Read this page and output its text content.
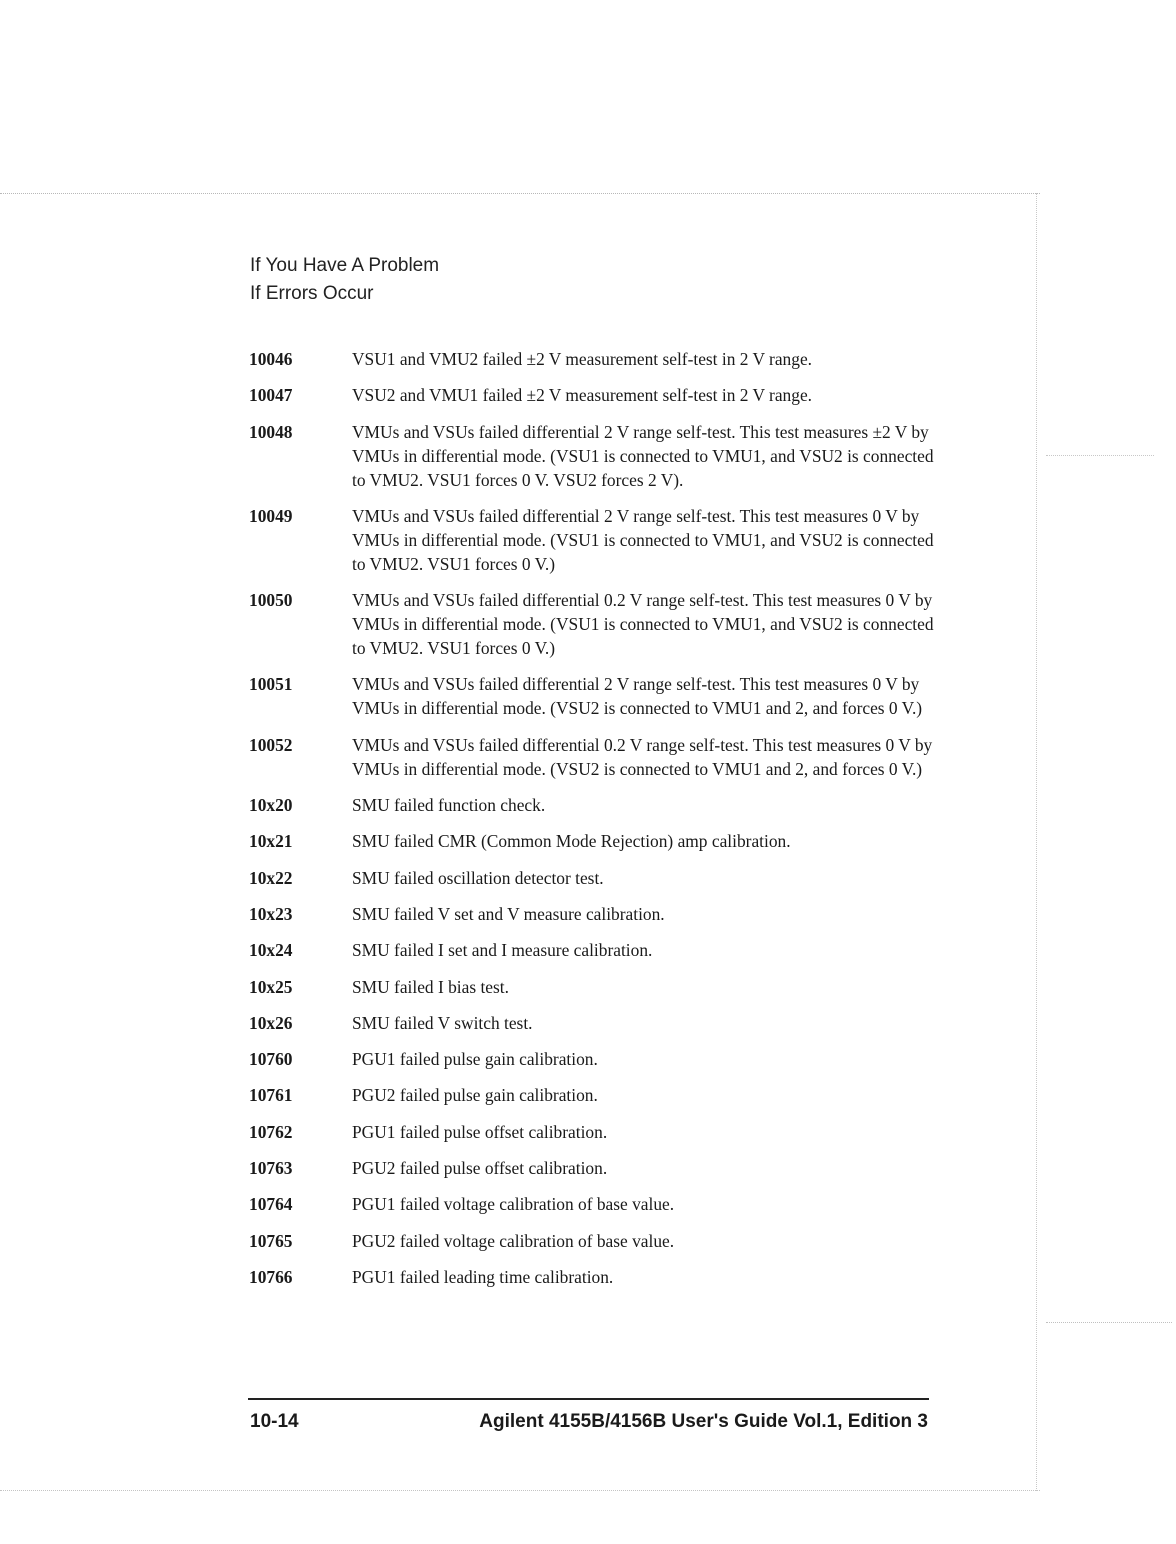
If You Have A Problem
If Errors Occur
10046	VSU1 and VMU2 failed ±2 V measurement self-test in 2 V range.
10047	VSU2 and VMU1 failed ±2 V measurement self-test in 2 V range.
10048	VMUs and VSUs failed differential 2 V range self-test. This test measures ±2 V by VMUs in differential mode. (VSU1 is connected to VMU1, and VSU2 is connected to VMU2. VSU1 forces 0 V. VSU2 forces 2 V).
10049	VMUs and VSUs failed differential 2 V range self-test. This test measures 0 V by VMUs in differential mode. (VSU1 is connected to VMU1, and VSU2 is connected to VMU2. VSU1 forces 0 V.)
10050	VMUs and VSUs failed differential 0.2 V range self-test. This test measures 0 V by VMUs in differential mode. (VSU1 is connected to VMU1, and VSU2 is connected to VMU2. VSU1 forces 0 V.)
10051	VMUs and VSUs failed differential 2 V range self-test. This test measures 0 V by VMUs in differential mode. (VSU2 is connected to VMU1 and 2, and forces 0 V.)
10052	VMUs and VSUs failed differential 0.2 V range self-test. This test measures 0 V by VMUs in differential mode. (VSU2 is connected to VMU1 and 2, and forces 0 V.)
10x20	SMU failed function check.
10x21	SMU failed CMR (Common Mode Rejection) amp calibration.
10x22	SMU failed oscillation detector test.
10x23	SMU failed V set and V measure calibration.
10x24	SMU failed I set and I measure calibration.
10x25	SMU failed I bias test.
10x26	SMU failed V switch test.
10760	PGU1 failed pulse gain calibration.
10761	PGU2 failed pulse gain calibration.
10762	PGU1 failed pulse offset calibration.
10763	PGU2 failed pulse offset calibration.
10764	PGU1 failed voltage calibration of base value.
10765	PGU2 failed voltage calibration of base value.
10766	PGU1 failed leading time calibration.
10-14	Agilent 4155B/4156B User's Guide Vol.1, Edition 3
